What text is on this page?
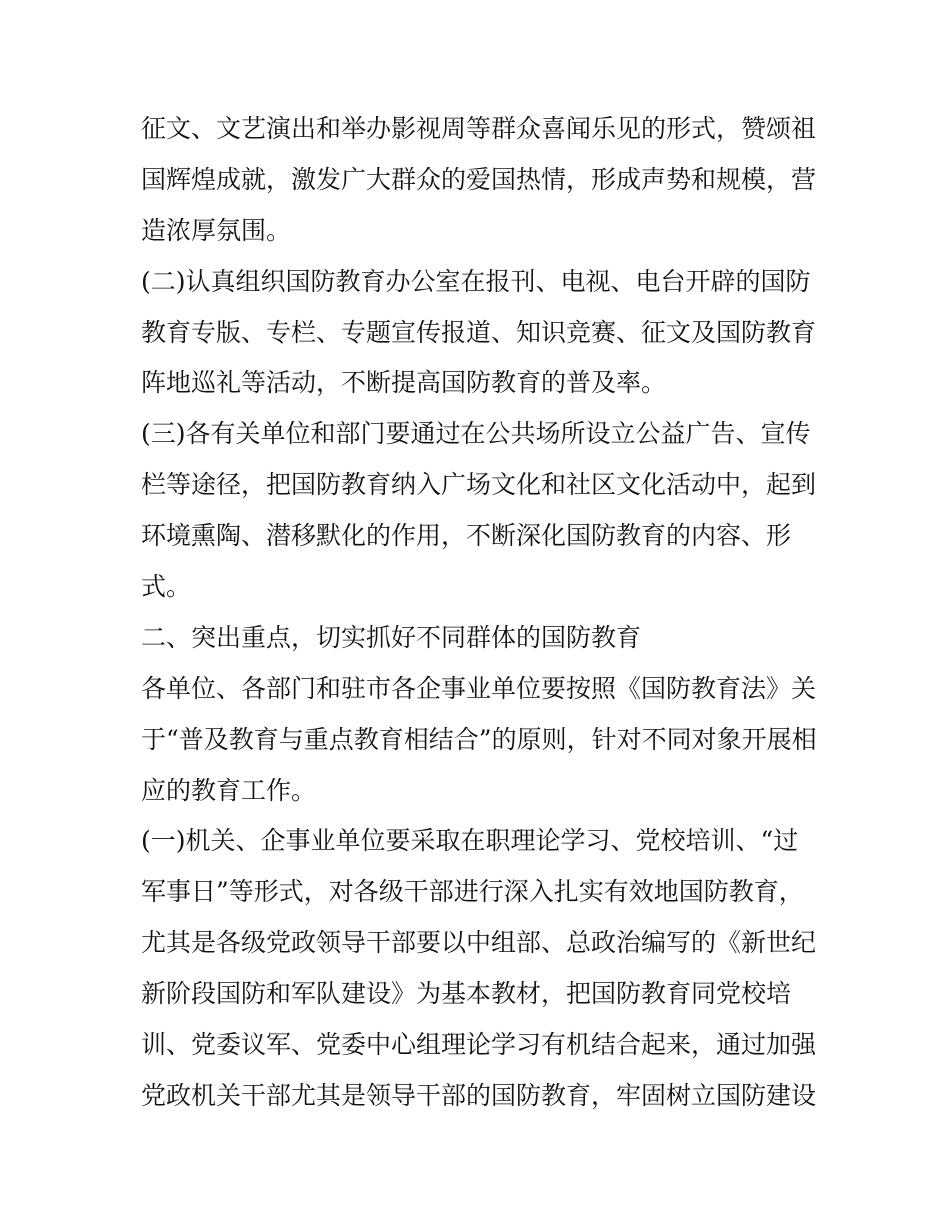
征文、文艺演出和举办影视周等群众喜闻乐见的形式，赞颂祖
国辉煌成就，激发广大群众的爱国热情，形成声势和规模，营
造浓厚氛围。
(二)认真组织国防教育办公室在报刊、电视、电台开辟的国防
教育专版、专栏、专题宣传报道、知识竞赛、征文及国防教育
阵地巡礼等活动，不断提高国防教育的普及率。
(三)各有关单位和部门要通过在公共场所设立公益广告、宣传
栏等途径，把国防教育纳入广场文化和社区文化活动中，起到
环境熏陶、潜移默化的作用，不断深化国防教育的内容、形
式。
二、突出重点，切实抓好不同群体的国防教育
各单位、各部门和驻市各企事业单位要按照《国防教育法》关
于“普及教育与重点教育相结合”的原则，针对不同对象开展相
应的教育工作。
(一)机关、企事业单位要采取在职理论学习、党校培训、“过
军事日”等形式，对各级干部进行深入扎实有效地国防教育，
尤其是各级党政领导干部要以中组部、总政治编写的《新世纪
新阶段国防和军队建设》为基本教材，把国防教育同党校培
训、党委议军、党委中心组理论学习有机结合起来，通过加强
党政机关干部尤其是领导干部的国防教育，牢固树立国防建设
